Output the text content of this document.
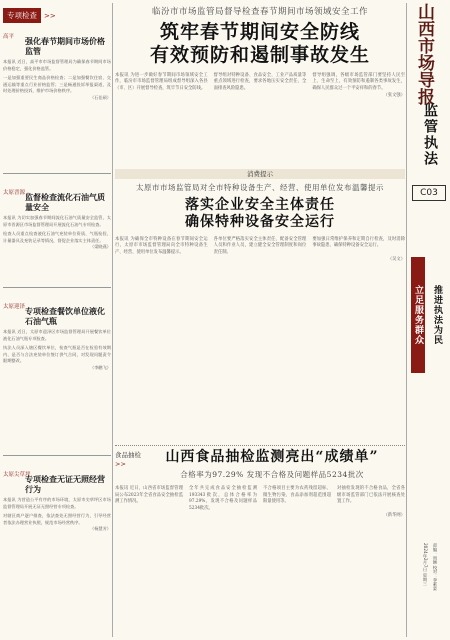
专项检查 >>
高平	强化春节期间市场价格监管
本报讯 近日，高平市市场监督管理局为确保春节期间市场价格稳定，强化价格监管。
一是加强重要民生商品价格检查；二是加强餐饮住宿、交通运输等重点行业价格监管；三是畅通投诉举报渠道，及时处理价格投诉，维护市场价格秩序。
（石佳硕）
太原晋源 监督检查流化石油气质量安全
本报讯 为切实加强春节期间流化石油气质量安全监管，太原市晋源区市场监督管理局开展流化石油气专项检查。
检查人员重点检查液化石油气充装单位资质、气瓶检验、计量器具及充装记录等情况，督促企业落实主体责任。
（梁晓燕）
太原迎泽 专项检查餐饮单位液化石油气瓶
本报讯 近日，太原市迎泽区市场监督管理局开展餐饮单位液化石油气瓶专项检查。
执法人员深入辖区餐饮单位，检查气瓶是否在检验有效期内、是否与合法充装单位签订供气合同，对发现问题责令限期整改。
（李鹏飞）
太原尖草坪
专项检查无证无照经营行为
本报讯 为营造公平有序的市场环境，太原市尖草坪区市场监督管理局开展无证无照经营专项检查。
对辖区商户逐户排查，依法查处无照经营行为，引导经营者依法办理营业执照，规范市场经营秩序。
（杨慧芳）
临汾市市场监管局督导检查春节期间市场领域安全工作
筑牢春节期间安全防线
有效预防和遏制事故发生
本报讯 为进一步做好春节期间市场领域安全工作，临汾市市场监督管理局组成督导组深入各县（市、区）开展督导检查，筑牢节日安全防线。
督导组对特种设备、食品安全、工业产品质量等重点领域进行检查，要求各地压实安全责任，全面排查风险隐患。
督导组强调，各级市场监管部门要坚持人民至上、生命至上，有效预防和遏制各类事故发生，确保人民群众过一个平安祥和的春节。
（张文强）
消费提示
太原市市场监管局对全市特种设备生产、经营、使用单位发布温馨提示
落实企业安全主体责任
确保特种设备安全运行
本报讯 为确保全市特种设备在春节期间安全运行，太原市市场监督管理局向全市特种设备生产、经营、使用单位发布温馨提示。
各单位要严格落实安全主体责任，配备安全管理人员和作业人员，建立健全安全管理制度和岗位责任制。
要加强日常维护保养和定期自行检查，及时消除事故隐患，确保特种设备安全运行。
（吴文）
食品抽检
>>	山西食品抽检监测亮出“成绩单”
合格率为97.29% 发现不合格及问题样品5234批次
本报讯 近日，山西省市场监督管理局公布2023年全省食品安全抽检监测工作情况。
全年共完成食品安全抽检监测193343批次，总体合格率为97.29%，发现不合格及问题样品5234批次。
不合格项目主要为农药残留超标、微生物污染、食品添加剂超范围超限量使用等。
对抽检发现的不合格食品，全省各级市场监管部门已依法开展核查处置工作。
（新华网）
山西市场导报
监管执法
C03
立足服务群众 推进执法为民
2024年2月7日 星期三 责编：周颖 校对：李素蒙
